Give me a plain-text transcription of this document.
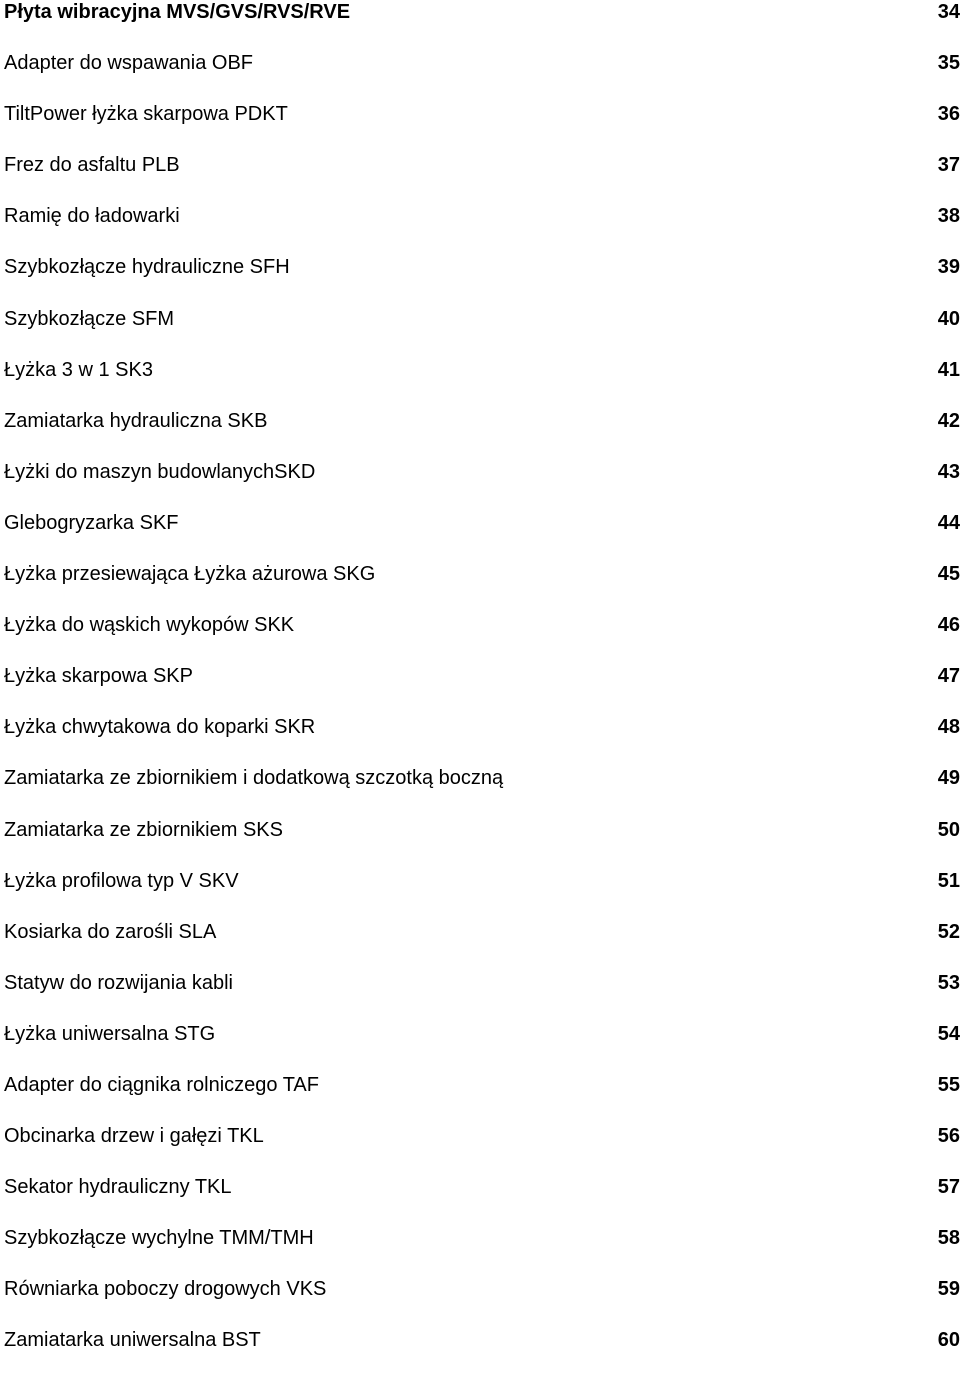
Płyta wibracyjna MVS/GVS/RVS/RVE	34
Adapter do wspawania OBF	35
TiltPower łyżka skarpowa PDKT	36
Frez do asfaltu PLB	37
Ramię do ładowarki	38
Szybkozłącze hydrauliczne SFH	39
Szybkozłącze SFM	40
Łyżka 3 w 1 SK3	41
Zamiatarka hydrauliczna SKB	42
Łyżki do maszyn budowlanychSKD	43
Glebogryzarka SKF	44
Łyżka przesiewająca Łyżka ażurowa SKG	45
Łyżka do wąskich wykopów SKK	46
Łyżka skarpowa SKP	47
Łyżka chwytakowa do koparki SKR	48
Zamiatarka ze zbiornikiem i dodatkową szczotką boczną	49
Zamiatarka ze zbiornikiem SKS	50
Łyżka profilowa typ V SKV	51
Kosiarka do zarośli SLA	52
Statyw do rozwijania kabli	53
Łyżka uniwersalna STG	54
Adapter do ciągnika rolniczego TAF	55
Obcinarka drzew i gałęzi TKL	56
Sekator hydrauliczny TKL	57
Szybkozłącze wychylne TMM/TMH	58
Równiarka poboczy drogowych VKS	59
Zamiatarka uniwersalna BST	60
